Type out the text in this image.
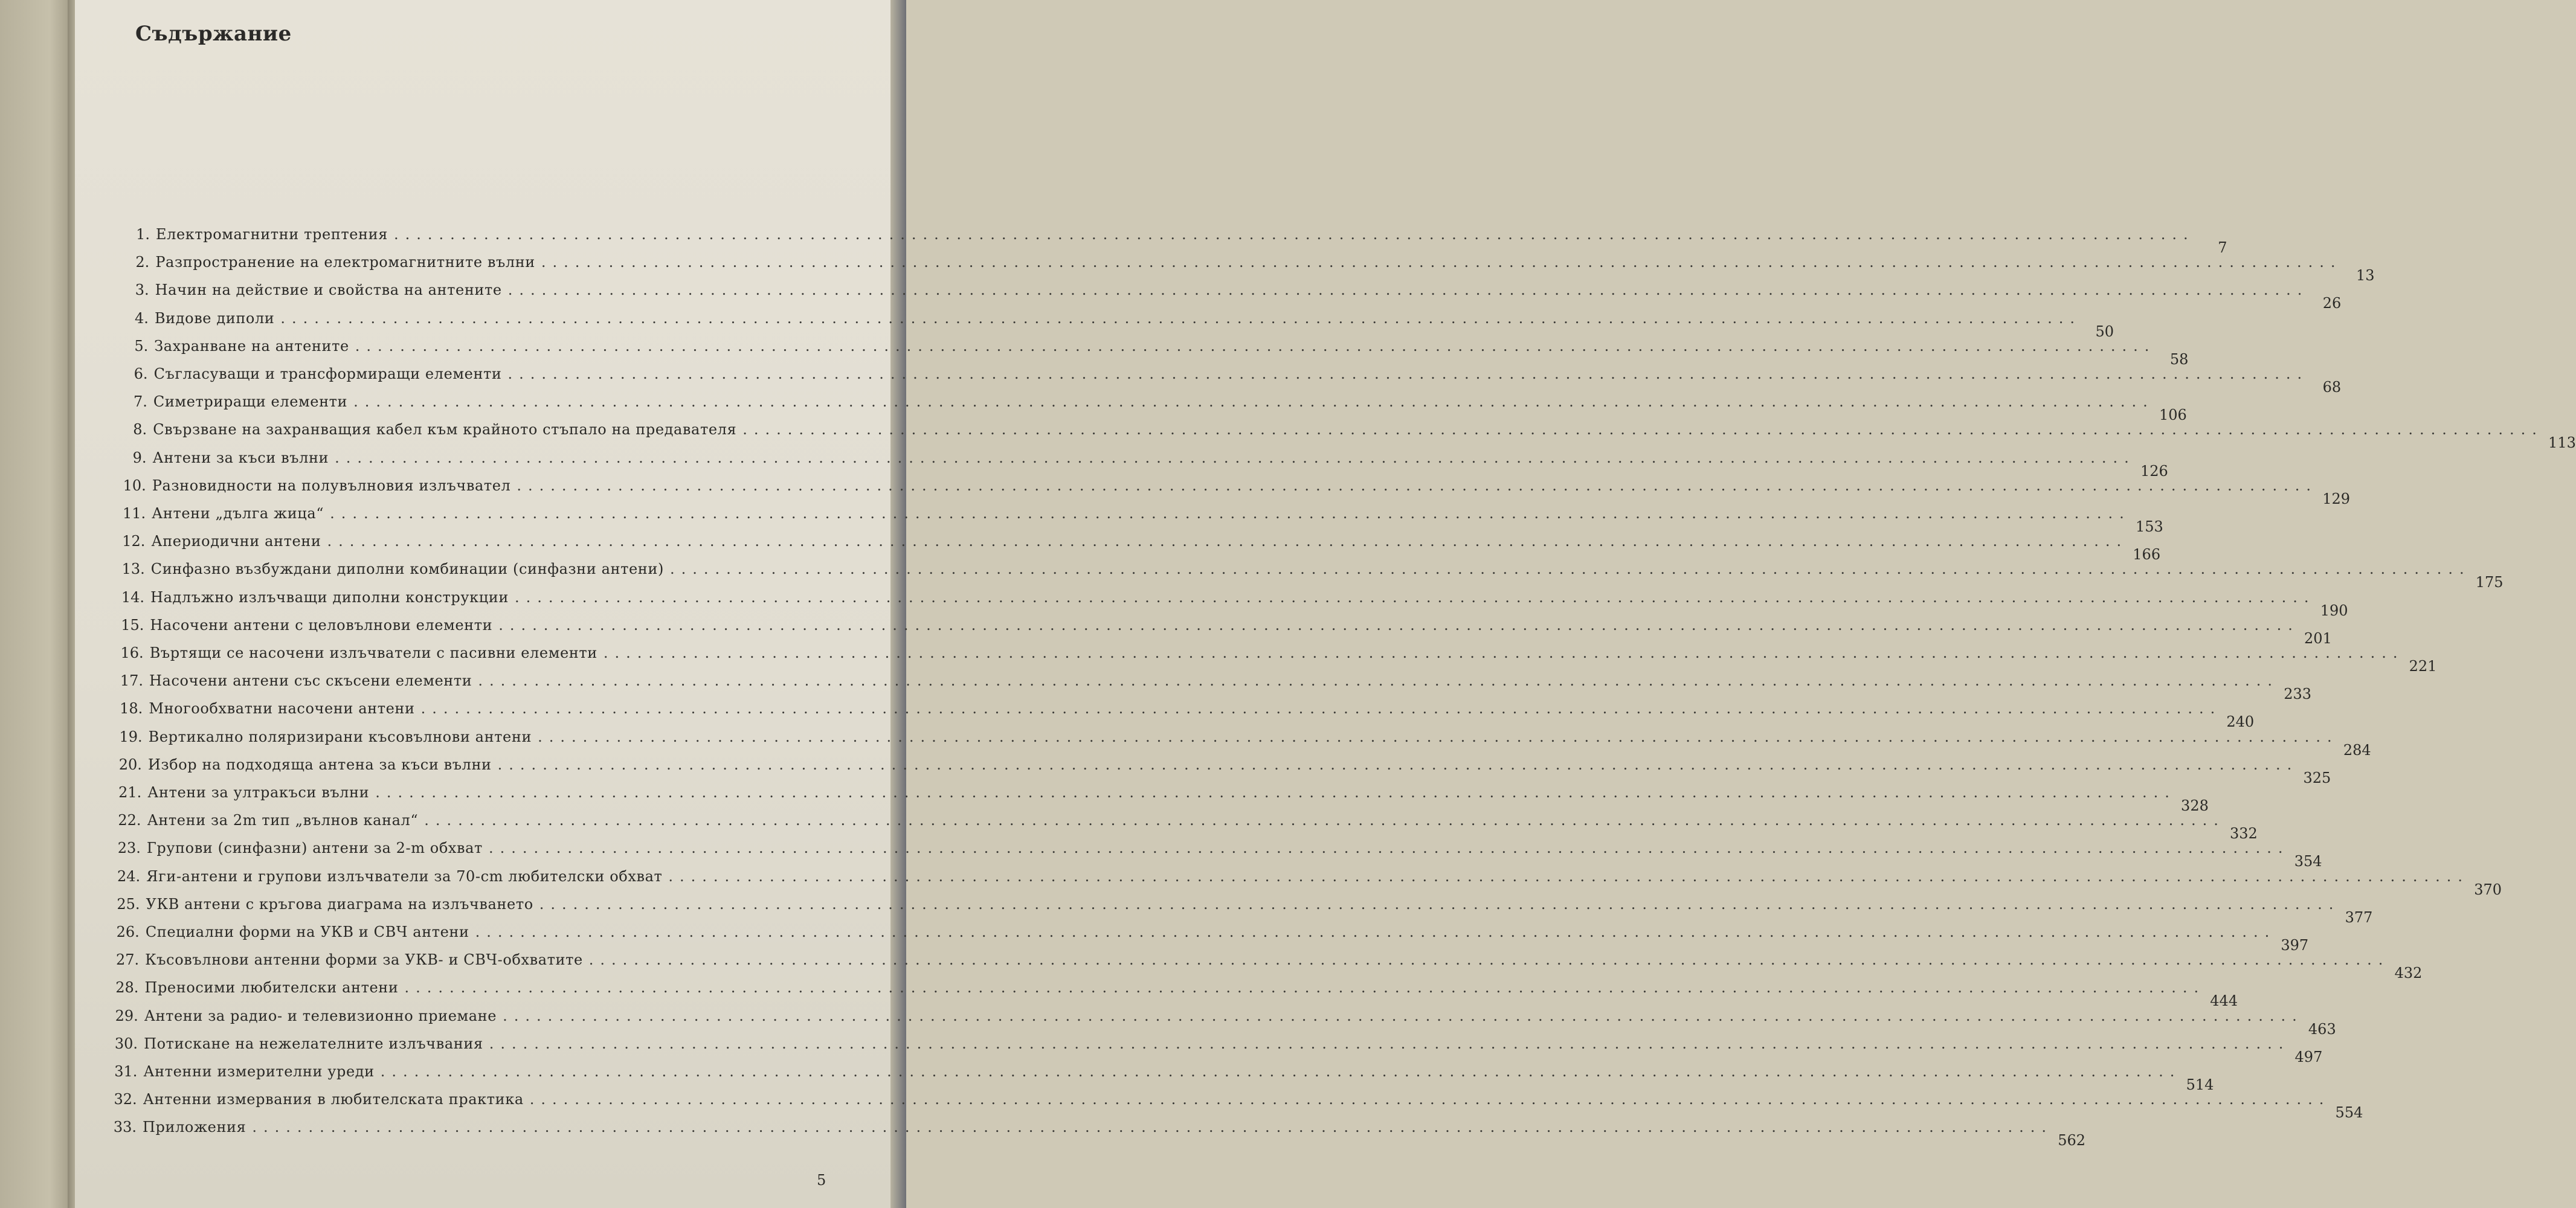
Съдържание
1. Електромагнитни трептения ................................................................................................................................................................
7
2. Разпространение на електромагнитните вълни ................................................................................................................................................................
13
3. Начин на действие и свойства на антените ................................................................................................................................................................
26
4. Видове диполи ................................................................................................................................................................
50
5. Захранване на антените ................................................................................................................................................................
58
6. Съгласуващи и трансформиращи елементи ................................................................................................................................................................
68
7. Симетриращи елементи ................................................................................................................................................................
106
8. Свързване на захранващия кабел към крайното стъпало на предавателя ................................................................................................................................................................
113
9. Антени за къси вълни ................................................................................................................................................................
126
10. Разновидности на полувълновия излъчвател ................................................................................................................................................................
129
11. Антени „дълга жица“ ................................................................................................................................................................
153
12. Апериодични антени ................................................................................................................................................................
166
13. Синфазно възбуждани диполни комбинации (синфазни антени) ................................................................................................................................................................
175
14. Надлъжно излъчващи диполни конструкции ................................................................................................................................................................
190
15. Насочени антени с целовълнови елементи ................................................................................................................................................................
201
16. Въртящи се насочени излъчватели с пасивни елементи ................................................................................................................................................................
221
17. Насочени антени със скъсени елементи ................................................................................................................................................................
233
18. Многообхватни насочени антени ................................................................................................................................................................
240
19. Вертикално поляризирани късовълнови антени ................................................................................................................................................................
284
20. Избор на подходяща антена за къси вълни ................................................................................................................................................................
325
21. Антени за ултракъси вълни ................................................................................................................................................................
328
22. Антени за 2m тип „вълнов канал“ ................................................................................................................................................................
332
23. Групови (синфазни) антени за 2-m обхват ................................................................................................................................................................
354
24. Яги-антени и групови излъчватели за 70-cm любителски обхват ................................................................................................................................................................
370
25. УКВ антени с кръгова диаграма на излъчването ................................................................................................................................................................
377
26. Специални форми на УКВ и СВЧ антени ................................................................................................................................................................
397
27. Късовълнови антенни форми за УКВ- и СВЧ-обхватите ................................................................................................................................................................
432
28. Преносими любителски антени ................................................................................................................................................................
444
29. Антени за радио- и телевизионно приемане ................................................................................................................................................................
463
30. Потискане на нежелателните излъчвания ................................................................................................................................................................
497
31. Антенни измерителни уреди ................................................................................................................................................................
514
32. Антенни измервания в любителската практика ................................................................................................................................................................
554
33. Приложения ................................................................................................................................................................
562
5
